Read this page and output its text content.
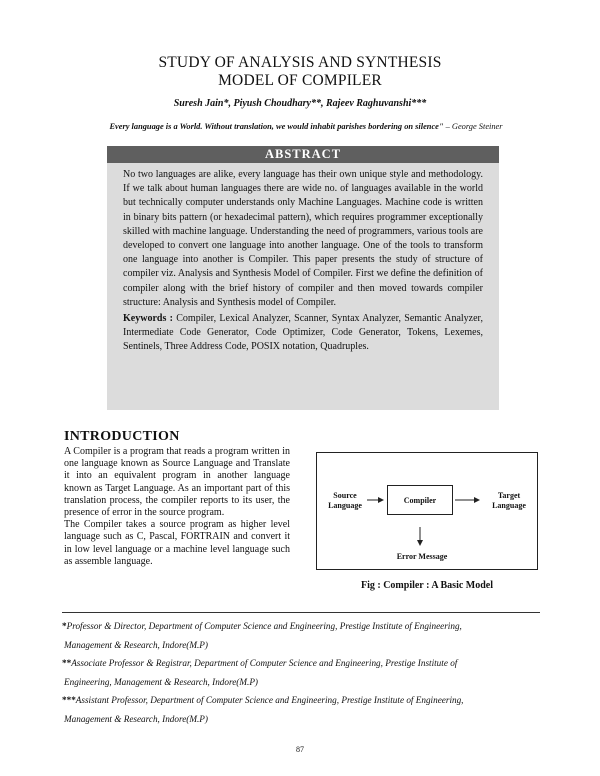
STUDY OF ANALYSIS AND SYNTHESIS
MODEL OF COMPILER
Suresh Jain*, Piyush Choudhary**, Rajeev Raghuvanshi***
Every language is a World. Without translation, we would inhabit parishes bordering on silence" – George Steiner
ABSTRACT

No two languages are alike, every language has their own unique style and methodology. If we talk about human languages there are wide no. of languages available in the world but technically computer understands only Machine Languages. Machine code is written in binary bits pattern (or hexadecimal pattern), which requires programmer exceptionally skilled with machine language. Understanding the need of programmers, various tools are developed to convert one language into another language. One of the tools to transform one language into another is Compiler. This paper presents the study of structure of compiler viz. Analysis and Synthesis Model of Compiler. First we define the definition of compiler along with the brief history of compiler and then moved towards compiler structure: Analysis and Synthesis model of Compiler.

Keywords : Compiler, Lexical Analyzer, Scanner, Syntax Analyzer, Semantic Analyzer, Intermediate Code Generator, Code Optimizer, Code Generator, Tokens, Lexemes, Sentinels, Three Address Code, POSIX notation, Quadruples.

INTRODUCTION

A Compiler is a program that reads a program written in one language known as Source Language and Translate it into an equivalent program in another language known as Target Language. As an important part of this translation process, the compiler reports to its user, the presence of error in the source program.

The Compiler takes a source program as higher level language such as C, Pascal, FORTRAIN and convert it in low level language or a machine level language such as assemble language.

Source
Language
Compiler	Target
Language
Error Message
Fig : Compiler : A Basic Model

*Professor & Director, Department of Computer Science and Engineering, Prestige Institute of Engineering,

Management & Research, Indore(M.P)

**Associate Professor & Registrar, Department of Computer Science and Engineering, Prestige Institute of

Engineering, Management & Research, Indore(M.P)

***Assistant Professor, Department of Computer Science and Engineering, Prestige Institute of Engineering,

Management & Research, Indore(M.P)

87
